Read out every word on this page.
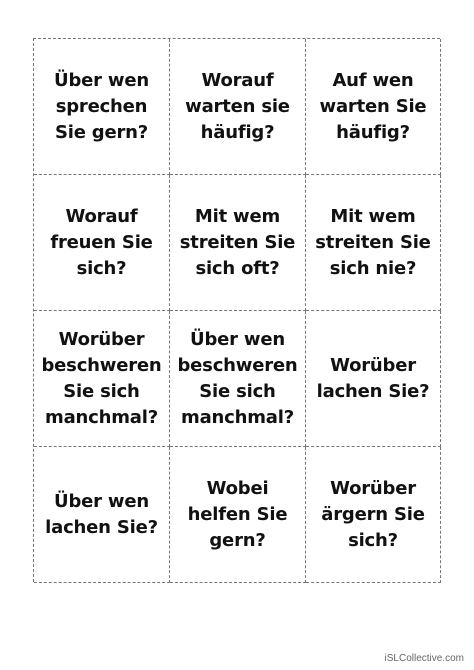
Über wen
sprechen
Sie gern?
Worauf
warten sie
häufig?
Auf wen
warten Sie
häufig?
Worauf
freuen Sie
sich?
Mit wem
streiten Sie
sich oft?
Mit wem
streiten Sie
sich nie?
Worüber
beschweren
Sie sich
manchmal?
Über wen
beschweren
Sie sich
manchmal?
Worüber
lachen Sie?
Über wen
lachen Sie?
Wobei
helfen Sie
gern?
Worüber
ärgern Sie
sich?
iSLCollective.com
